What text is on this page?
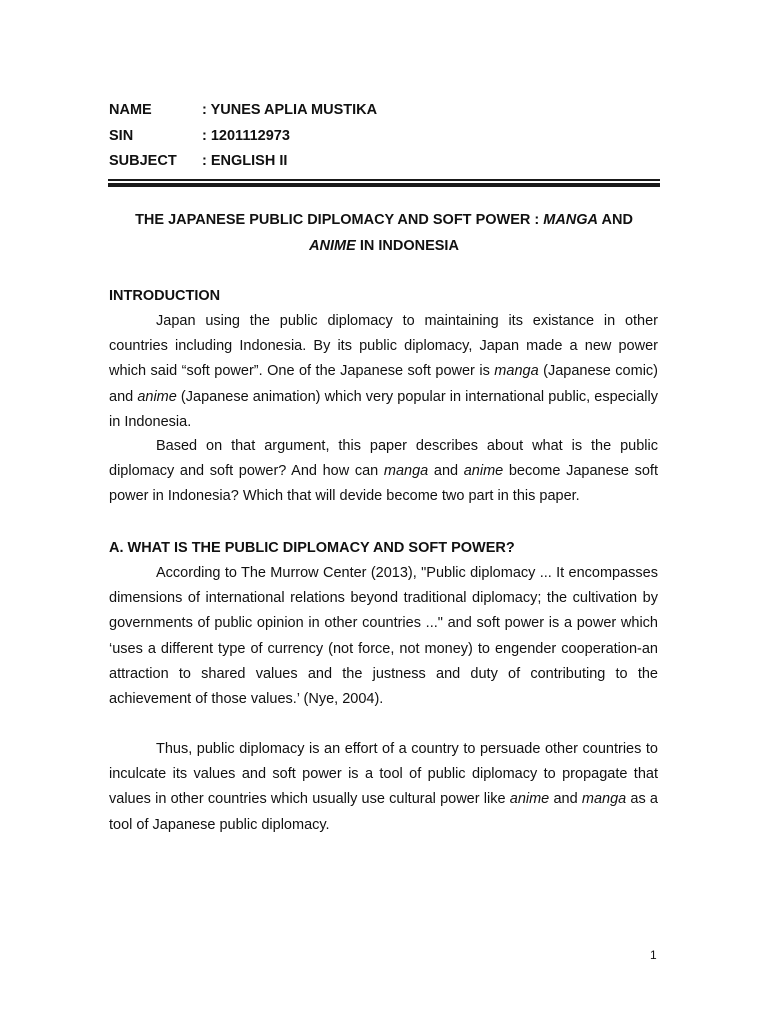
NAME	: YUNES APLIA MUSTIKA
SIN	: 1201112973
SUBJECT : ENGLISH II
THE JAPANESE PUBLIC DIPLOMACY AND SOFT POWER : MANGA AND
ANIME IN INDONESIA
INTRODUCTION

Japan using the public diplomacy to maintaining its existance in other countries including Indonesia. By its public diplomacy, Japan made a new power which said “soft power”. One of the Japanese soft power is manga (Japanese comic) and anime (Japanese animation) which very popular in international public, especially in Indonesia.

Based on that argument, this paper describes about what is the public diplomacy and soft power? And how can manga and anime become Japanese soft power in Indonesia? Which that will devide become two part in this paper.

A. WHAT IS THE PUBLIC DIPLOMACY AND SOFT POWER?

According to The Murrow Center (2013), "Public diplomacy ... It encompasses dimensions of international relations beyond traditional diplomacy; the cultivation by governments of public opinion in other countries ..." and soft power is a power which ‘uses a different type of currency (not force, not money) to engender cooperation-an attraction to shared values and the justness and duty of contributing to the achievement of those values.’ (Nye, 2004).

Thus, public diplomacy is an effort of a country to persuade other countries to inculcate its values and soft power is a tool of public diplomacy to propagate that values in other countries which usually use cultural power like anime and manga as a tool of Japanese public diplomacy.

1
